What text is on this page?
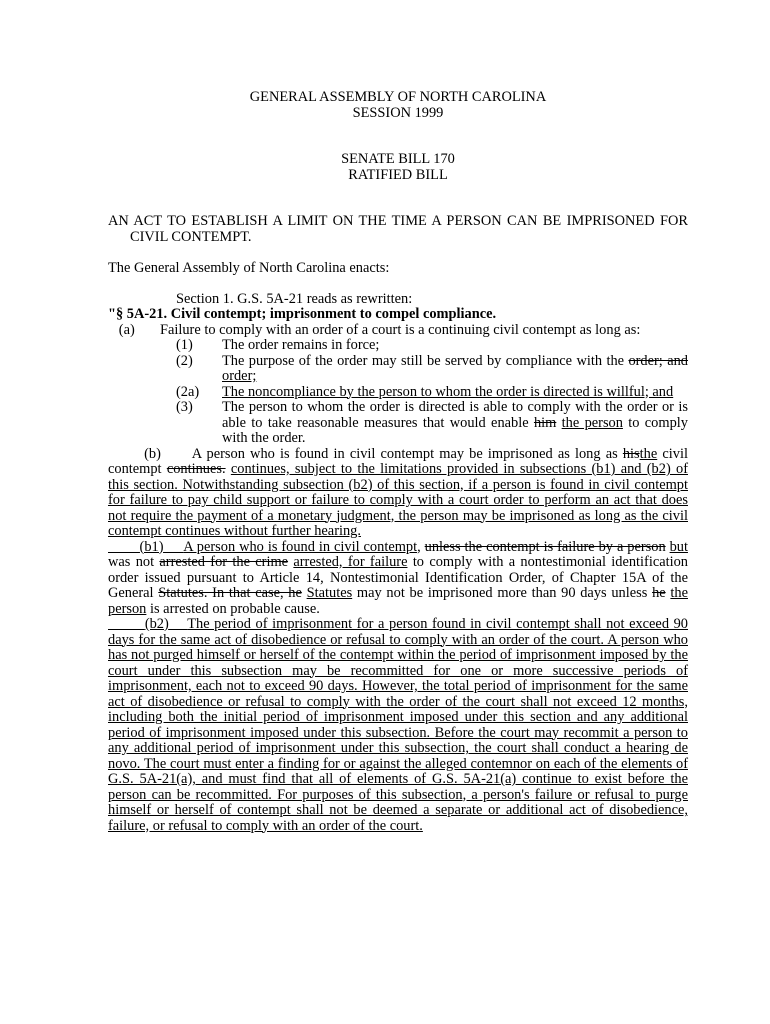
GENERAL ASSEMBLY OF NORTH CAROLINA
SESSION 1999
SENATE BILL 170
RATIFIED BILL
AN ACT TO ESTABLISH A LIMIT ON THE TIME A PERSON CAN BE IMPRISONED FOR CIVIL CONTEMPT.
The General Assembly of North Carolina enacts:
Section 1. G.S. 5A-21 reads as rewritten:
"§ 5A-21. Civil contempt; imprisonment to compel compliance.
(a) Failure to comply with an order of a court is a continuing civil contempt as long as:
(1) The order remains in force;
(2) The purpose of the order may still be served by compliance with the order; and order;
(2a) The noncompliance by the person to whom the order is directed is willful; and
(3) The person to whom the order is directed is able to comply with the order or is able to take reasonable measures that would enable him the person to comply with the order.
(b) A person who is found in civil contempt may be imprisoned as long as histhe civil contempt continues. continues, subject to the limitations provided in subsections (b1) and (b2) of this section. Notwithstanding subsection (b2) of this section, if a person is found in civil contempt for failure to pay child support or failure to comply with a court order to perform an act that does not require the payment of a monetary judgment, the person may be imprisoned as long as the civil contempt continues without further hearing.
(b1) A person who is found in civil contempt, unless the contempt is failure by a person but was not arrested for the crime arrested, for failure to comply with a nontestimonial identification order issued pursuant to Article 14, Nontestimonial Identification Order, of Chapter 15A of the General Statutes. In that case, he Statutes may not be imprisoned more than 90 days unless he the person is arrested on probable cause.
(b2) The period of imprisonment for a person found in civil contempt shall not exceed 90 days for the same act of disobedience or refusal to comply with an order of the court. A person who has not purged himself or herself of the contempt within the period of imprisonment imposed by the court under this subsection may be recommitted for one or more successive periods of imprisonment, each not to exceed 90 days. However, the total period of imprisonment for the same act of disobedience or refusal to comply with the order of the court shall not exceed 12 months, including both the initial period of imprisonment imposed under this section and any additional period of imprisonment imposed under this subsection. Before the court may recommit a person to any additional period of imprisonment under this subsection, the court shall conduct a hearing de novo. The court must enter a finding for or against the alleged contemnor on each of the elements of G.S. 5A-21(a), and must find that all of elements of G.S. 5A-21(a) continue to exist before the person can be recommitted. For purposes of this subsection, a person's failure or refusal to purge himself or herself of contempt shall not be deemed a separate or additional act of disobedience, failure, or refusal to comply with an order of the court.
